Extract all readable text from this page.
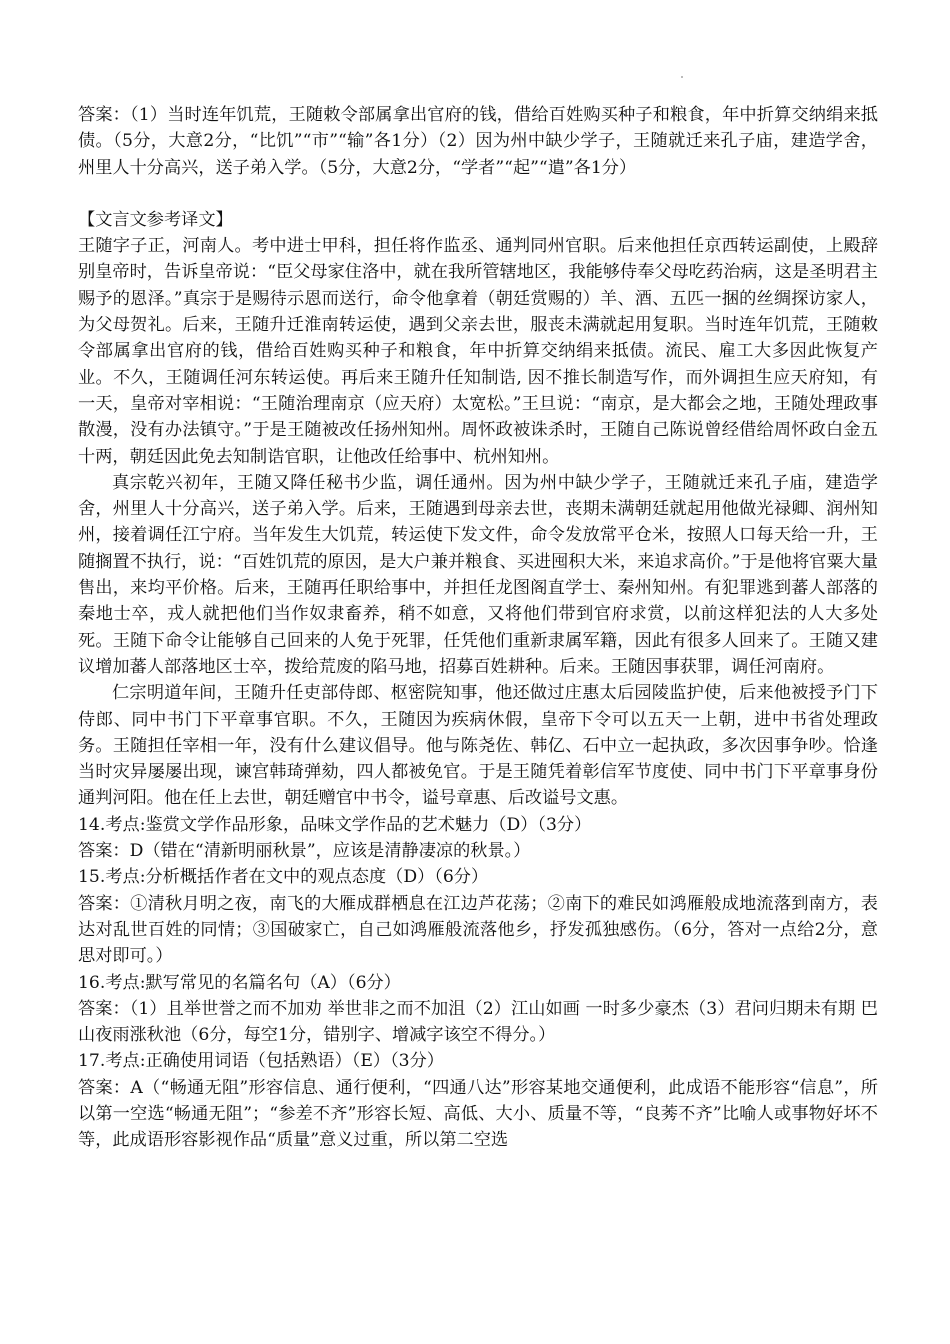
答案：（1）当时连年饥荒，王随敕令部属拿出官府的钱，借给百姓购买种子和粮食，年中折算交纳绢来抵债。（5分，大意2分，“比饥”“市”“输”各1分）（2）因为州中缺少学子，王随就迁来孔子庙，建造学舍，州里人十分高兴，送子弟入学。（5分，大意2分，“学者”“起”“遣”各1分）

【文言文参考译文】

王随字子正，河南人。考中进士甲科，担任将作监丞、通判同州官职。后来他担任京西转运副使，上殿辞别皇帝时，告诉皇帝说：“臣父母家住洛中，就在我所管辖地区，我能够侍奉父母吃药治病，这是圣明君主赐予的恩泽。”真宗于是赐待示恩而送行，命令他拿着（朝廷赏赐的）羊、酒、五匹一捆的丝绸探访家人，为父母贺礼。后来，王随升迁淮南转运使，遇到父亲去世，服丧未满就起用复职。当时连年饥荒，王随敕令部属拿出官府的钱，借给百姓购买种子和粮食，年中折算交纳绢来抵债。流民、雇工大多因此恢复产业。不久，王随调任河东转运使。再后来王随升任知制诰, 因不推长制造写作，而外调担生应天府知，有一天，皇帝对宰相说：“王随治理南京（应天府）太宽松。”王旦说：“南京，是大都会之地，王随处理政事散漫，没有办法镇守。”于是王随被改任扬州知州。周怀政被诛杀时，王随自己陈说曾经借给周怀政白金五十两，朝廷因此免去知制诰官职，让他改任给事中、杭州知州。

真宗乾兴初年，王随又降任秘书少监，调任通州。因为州中缺少学子，王随就迁来孔子庙，建造学舍，州里人十分高兴，送子弟入学。后来，王随遇到母亲去世，丧期未满朝廷就起用他做光禄卿、润州知州，接着调任江宁府。当年发生大饥荒，转运使下发文件，命令发放常平仓米，按照人口每天给一升，王随搁置不执行，说：“百姓饥荒的原因，是大户兼并粮食、买进囤积大米，来追求高价。”于是他将官粟大量售出，来均平价格。后来，王随再任职给事中，并担任龙图阁直学士、秦州知州。有犯罪逃到蕃人部落的秦地士卒，戎人就把他们当作奴隶畜养，稍不如意，又将他们带到官府求赏，以前这样犯法的人大多处死。王随下命令让能够自己回来的人免于死罪，任凭他们重新隶属军籍，因此有很多人回来了。王随又建议增加蕃人部落地区士卒，拨给荒废的陷马地，招募百姓耕种。后来。王随因事获罪，调任河南府。

仁宗明道年间，王随升任吏部侍郎、枢密院知事，他还做过庄惠太后园陵监护使，后来他被授予门下侍郎、同中书门下平章事官职。不久，王随因为疾病休假，皇帝下令可以五天一上朝，进中书省处理政务。王随担任宰相一年，没有什么建议倡导。他与陈尧佐、韩亿、石中立一起执政，多次因事争吵。恰逢当时灾异屡屡出现，谏宫韩琦弹劾，四人都被免官。于是王随凭着彰信军节度使、同中书门下平章事身份通判河阳。他在任上去世，朝廷赠官中书令，谥号章惠、后改谥号文惠。

14.考点:鉴赏文学作品形象，品味文学作品的艺术魅力（D）（3分）

答案：D（错在“清新明丽秋景”，应该是清静凄凉的秋景。）

15.考点:分析概括作者在文中的观点态度（D）（6分）

答案：①清秋月明之夜，南飞的大雁成群栖息在江边芦花荡；②南下的难民如鸿雁般成地流落到南方，表达对乱世百姓的同情；③国破家亡，自己如鸿雁般流落他乡，抒发孤独感伤。（6分，答对一点给2分，意思对即可。）

16.考点:默写常见的名篇名句（A）（6分）

答案：（1）且举世誉之而不加劝 举世非之而不加沮（2）江山如画 一时多少豪杰（3）君问归期未有期 巴山夜雨涨秋池（6分，每空1分，错别字、增减字该空不得分。）

17.考点:正确使用词语（包括熟语）（E）（3分）

答案：A（“畅通无阻”形容信息、通行便利，“四通八达”形容某地交通便利，此成语不能形容“信息”，所以第一空选“畅通无阻”；“参差不齐”形容长短、高低、大小、质量不等，“良莠不齐”比喻人或事物好坏不等，此成语形容影视作品“质量”意义过重，所以第二空选
